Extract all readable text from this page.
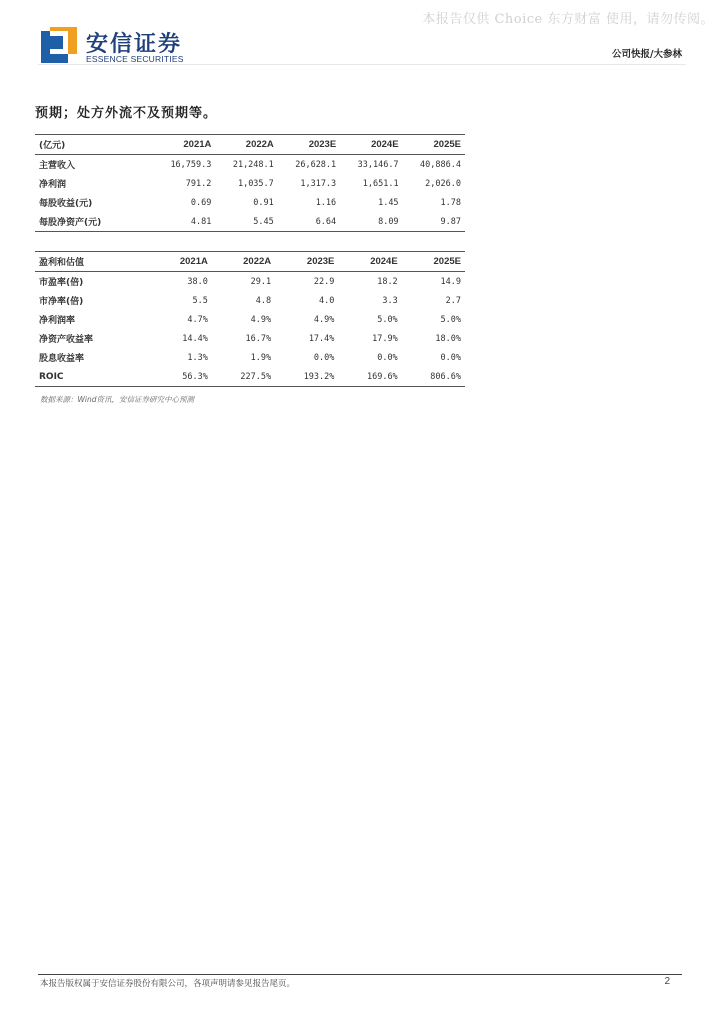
本报告仅供 Choice 东方财富 使用，请勿传阅。
安信证券
ESSENCE SECURITIES	公司快报/大参林
预期；处方外流不及预期等。
(亿元)	2021A	2022A	2023E	2024E	2025E
主营收入	16,759.3	21,248.1	26,628.1	33,146.7	40,886.4
净利润	791.2	1,035.7	1,317.3	1,651.1	2,026.0
每股收益(元)	0.69	0.91	1.16	1.45	1.78
每股净资产(元)	4.81	5.45	6.64	8.09	9.87
盈利和估值	2021A	2022A	2023E	2024E	2025E
市盈率(倍)	38.0	29.1	22.9	18.2	14.9
市净率(倍)	5.5	4.8	4.0	3.3	2.7
净利润率	4.7%	4.9%	4.9%	5.0%	5.0%
净资产收益率	14.4%	16.7%	17.4%	17.9%	18.0%
股息收益率	1.3%	1.9%	0.0%	0.0%	0.0%
ROIC	56.3%	227.5%	193.2%	169.6%	806.6%
数据来源：Wind资讯，安信证券研究中心预测
本报告版权属于安信证券股份有限公司，各项声明请参见报告尾页。	2
